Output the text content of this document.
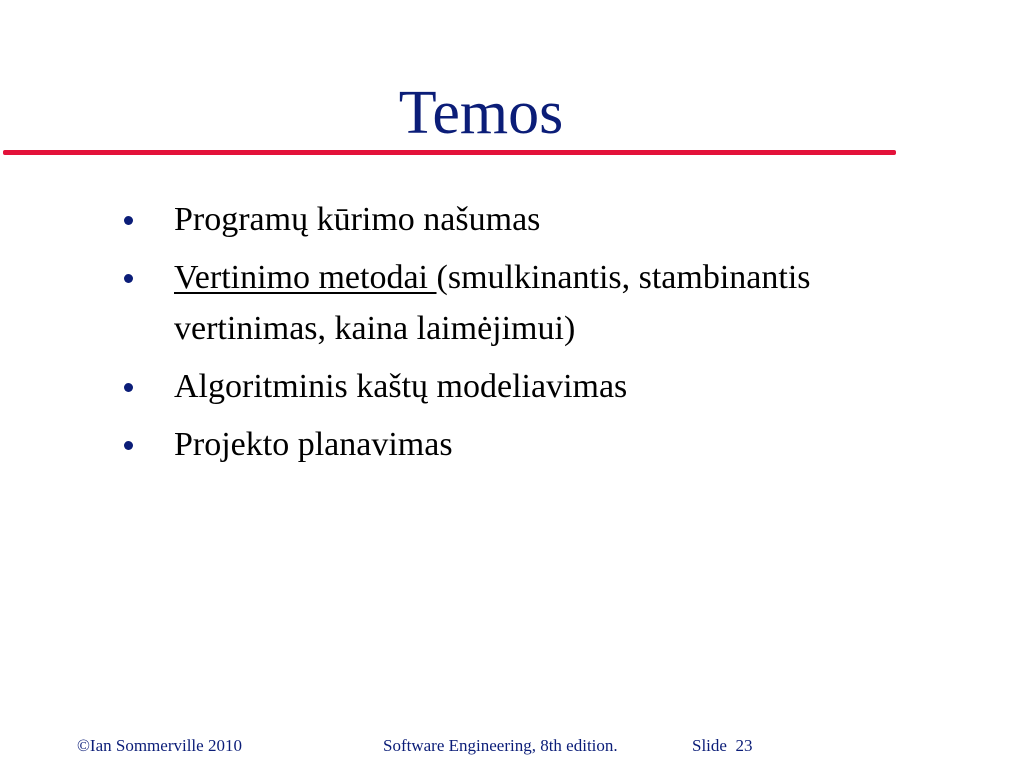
Temos
Programų kūrimo našumas
Vertinimo metodai (smulkinantis, stambinantis vertinimas, kaina laimėjimui)
Algoritminis kaštų modeliavimas
Projekto planavimas
©Ian Sommerville 2010	Software Engineering, 8th edition.	Slide  23
